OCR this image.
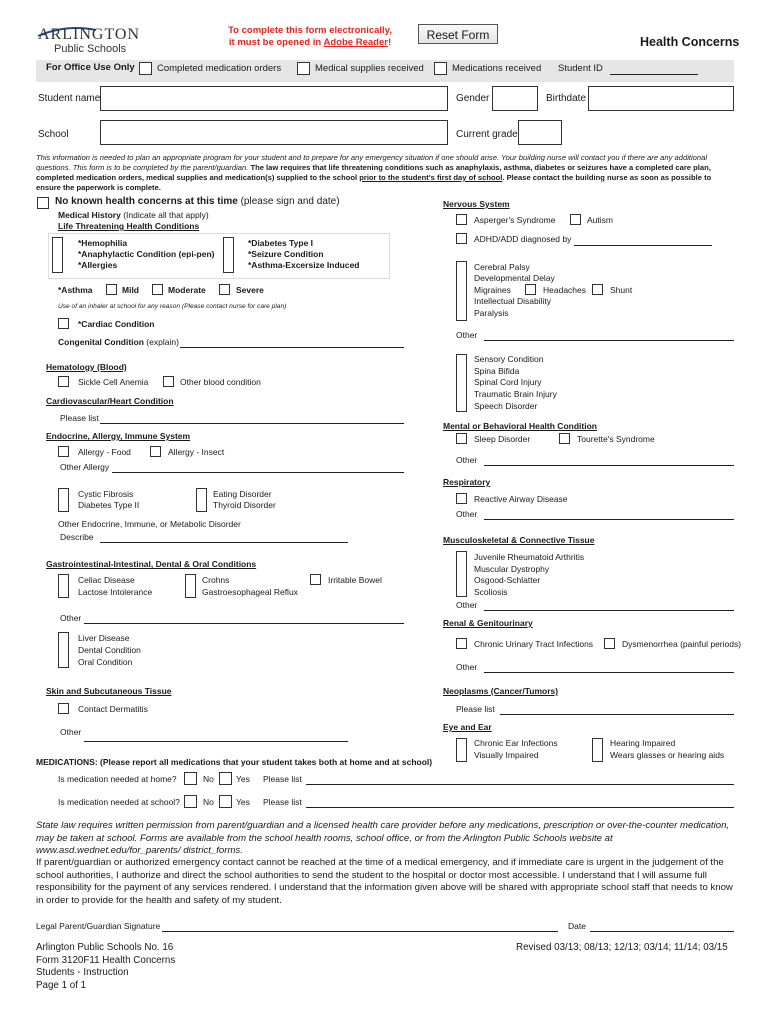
ARLINGTON
Public Schools
To complete this form electronically,
it must be opened in Adobe Reader!
Reset Form	Health Concerns
For Office Use Only Completed medication orders	Medical supplies received	Medications received Student ID
Student name	Gender	Birthdate
School	Current grade
This information is needed to plan an appropriate program for your student and to prepare for any emergency situation if one should arise. Your building nurse will contact you if there are any additional questions. This form is to be completed by the parent/guardian. The law requires that life threatening conditions such as anaphylaxis, asthma, diabetes or seizures have a completed care plan, completed medication orders, medical supplies and medication(s) supplied to the school prior to the student's first day of school. Please contact the building nurse as soon as possible to ensure the paperwork is complete.
No known health concerns at this time (please sign and date)
Medical History (Indicate all that apply)
Life Threatening Health Conditions
*Hemophilia
*Anaphylactic Condition (epi-pen)
*Allergies
*Diabetes Type I
*Seizure Condition
*Asthma-Excersize Induced
*Asthma	Mild	Moderate	Severe
Use of an inhaler at school for any reason (Please contact nurse for care plan)
*Cardiac Condition
Congenital Condition (explain)
Hematology (Blood)
Sickle Cell Anemia	Other blood condition
Cardiovascular/Heart Condition
Please list
Endocrine, Allergy, Immune System
Allergy - Food	Allergy - Insect
Other Allergy
Cystic Fibrosis
Diabetes Type II
Eating Disorder
Thyroid Disorder
Other Endocrine, Immune, or Metabolic Disorder
Describe
Gastrointestinal-Intestinal, Dental & Oral Conditions
Celiac Disease
Lactose Intolerance
Crohns
Gastroesophageal Reflux
Irritable Bowel
Other
Liver Disease
Dental Condition
Oral Condition
Skin and Subcutaneous Tissue
Contact Dermatitis
Other
Nervous System
Asperger's Syndrome	Autism
ADHD/ADD diagnosed by
Cerebral Palsy
Developmental Delay
Migraines
Intellectual Disability
Paralysis
Headaches	Shunt
Other
Sensory Condition
Spina Bifida
Spinal Cord Injury
Traumatic Brain Injury
Speech Disorder
Mental or Behavioral Health Condition
Sleep Disorder	Tourette's Syndrome
Other
Respiratory
Reactive Airway Disease
Other
Musculoskeletal & Connective Tissue
Juvenile Rheumatoid Arthritis
Muscular Dystrophy
Osgood-Schlatter
Scoliosis
Other
Renal & Genitourinary
Chronic Urinary Tract Infections	Dysmenorrhea (painful periods)
Other
Neoplasms (Cancer/Tumors)
Please list
Eye and Ear
Chronic Ear Infections
Visually Impaired
Hearing Impaired
Wears glasses or hearing aids
MEDICATIONS: (Please report all medications that your student takes both at home and at school)
Is medication needed at home?	No	Yes Please list
Is medication needed at school?	No	Yes Please list
State law requires written permission from parent/guardian and a licensed health care provider before any medications, prescription or over-the-counter medication, may be taken at school. Forms are available from the school health rooms, school office, or from the Arlington Public Schools website at www.asd.wednet.edu/for_parents/ district_forms.
If parent/guardian or authorized emergency contact cannot be reached at the time of a medical emergency, and if immediate care is urgent in the judgement of the school authorities, I authorize and direct the school authorities to send the student to the hospital or doctor most accessible. I understand that I will assume full responsibility for the payment of any services rendered. I understand that the information given above will be shared with appropriate school staff that needs to know in order to provide for the health and safety of my student.
Legal Parent/Guardian Signature	Date
Arlington Public Schools No. 16
Form 3120F11 Health Concerns
Students - Instruction
Page 1 of 1
Revised 03/13; 08/13; 12/13; 03/14; 11/14; 03/15
